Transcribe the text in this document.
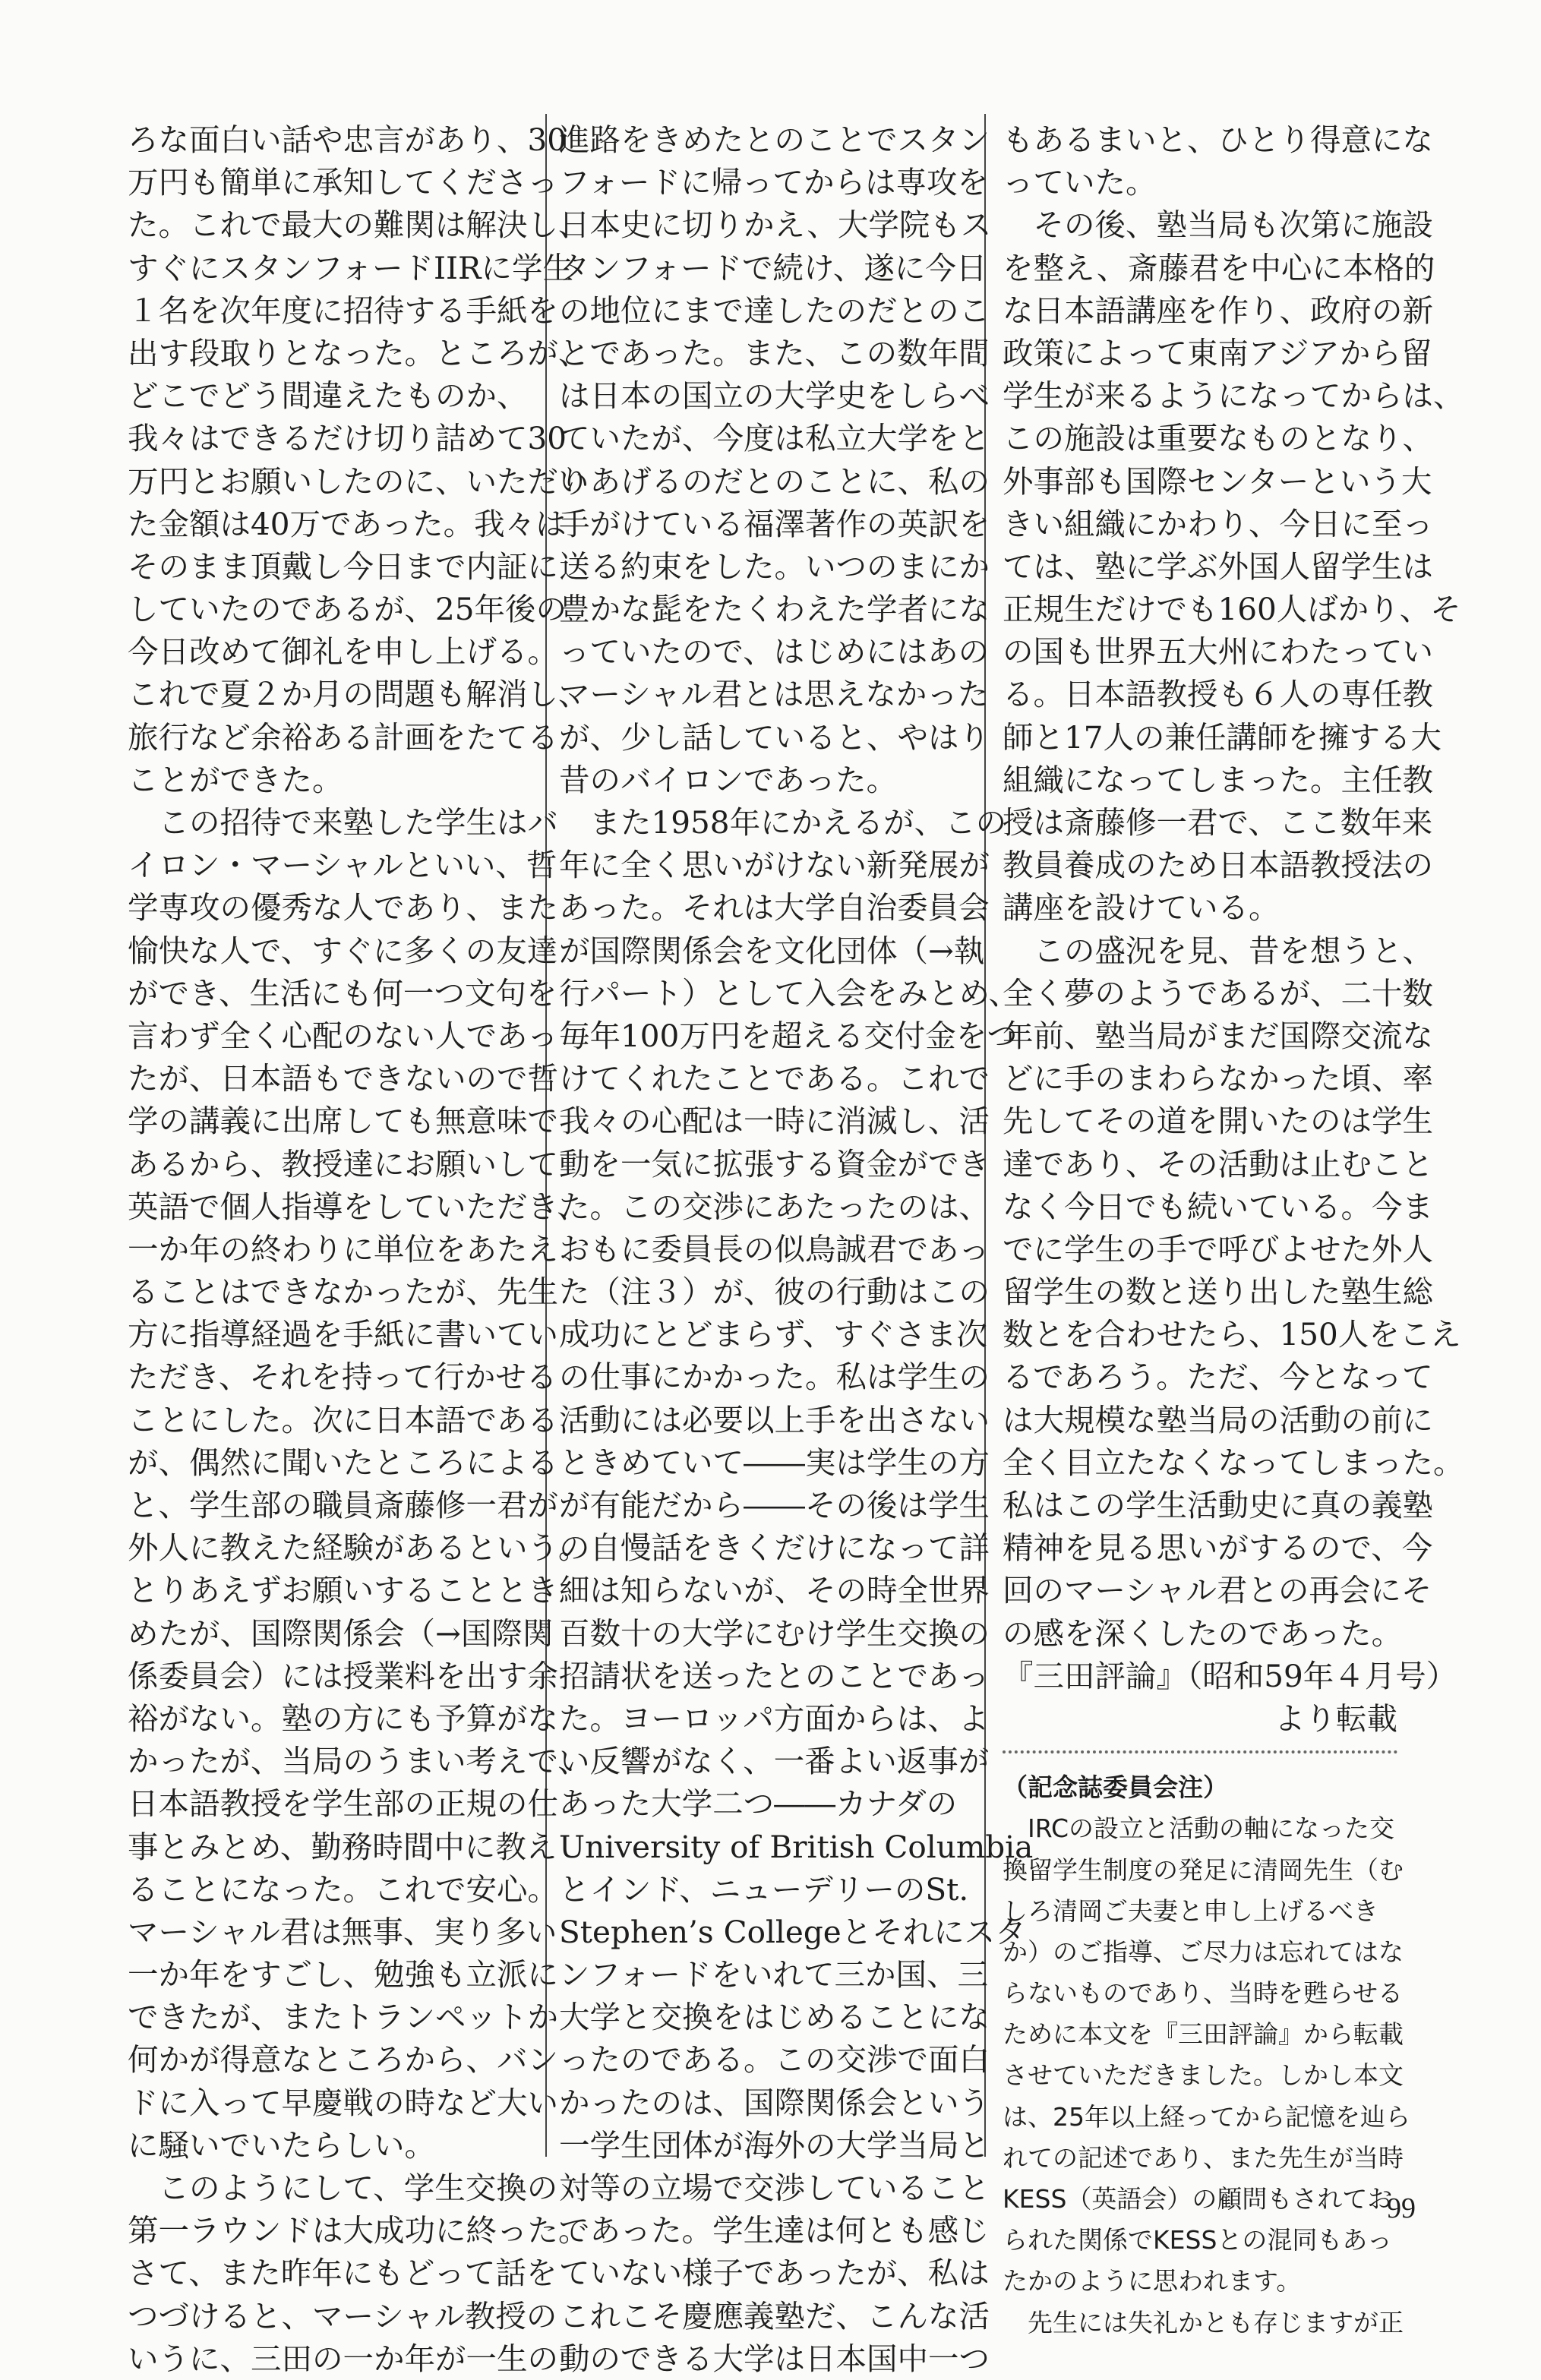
ろな面白い話や忠言があり、30
万円も簡単に承知してくださっ
た。これで最大の難関は解決し、
すぐにスタンフォードIIRに学生
１名を次年度に招待する手紙を
出す段取りとなった。ところが、
どこでどう間違えたものか、
我々はできるだけ切り詰めて30
万円とお願いしたのに、いただい
た金額は40万であった。我々は
そのまま頂戴し今日まで内証に
していたのであるが、25年後の
今日改めて御礼を申し上げる。
これで夏２か月の問題も解消し、
旅行など余裕ある計画をたてる
ことができた。
　この招待で来塾した学生はバ
イロン・マーシャルといい、哲
学専攻の優秀な人であり、また
愉快な人で、すぐに多くの友達
ができ、生活にも何一つ文句を
言わず全く心配のない人であっ
たが、日本語もできないので哲
学の講義に出席しても無意味で
あるから、教授達にお願いして
英語で個人指導をしていただき、
一か年の終わりに単位をあたえ
ることはできなかったが、先生
方に指導経過を手紙に書いてい
ただき、それを持って行かせる
ことにした。次に日本語である
が、偶然に聞いたところによる
と、学生部の職員斎藤修一君が
外人に教えた経験があるという。
とりあえずお願いすることとき
めたが、国際関係会（→国際関
係委員会）には授業料を出す余
裕がない。塾の方にも予算がな
かったが、当局のうまい考えで、
日本語教授を学生部の正規の仕
事とみとめ、勤務時間中に教え
ることになった。これで安心。
マーシャル君は無事、実り多い
一か年をすごし、勉強も立派に
できたが、またトランペットか
何かが得意なところから、バン
ドに入って早慶戦の時など大い
に騒いでいたらしい。
　このようにして、学生交換の
第一ラウンドは大成功に終った。
さて、また昨年にもどって話を
つづけると、マーシャル教授の
いうに、三田の一か年が一生の
進路をきめたとのことでスタン
フォードに帰ってからは専攻を
日本史に切りかえ、大学院もス
タンフォードで続け、遂に今日
の地位にまで達したのだとのこ
とであった。また、この数年間
は日本の国立の大学史をしらべ
ていたが、今度は私立大学をと
りあげるのだとのことに、私の
手がけている福澤著作の英訳を
送る約束をした。いつのまにか
豊かな髭をたくわえた学者にな
っていたので、はじめにはあの
マーシャル君とは思えなかった
が、少し話していると、やはり
昔のバイロンであった。
　また1958年にかえるが、この
年に全く思いがけない新発展が
あった。それは大学自治委員会
が国際関係会を文化団体（→執
行パート）として入会をみとめ、
毎年100万円を超える交付金をつ
けてくれたことである。これで
我々の心配は一時に消滅し、活
動を一気に拡張する資金ができ
た。この交渉にあたったのは、
おもに委員長の似鳥誠君であっ
た（注３）が、彼の行動はこの
成功にとどまらず、すぐさま次
の仕事にかかった。私は学生の
活動には必要以上手を出さない
ときめていて――実は学生の方
が有能だから――その後は学生
の自慢話をきくだけになって詳
細は知らないが、その時全世界
百数十の大学にむけ学生交換の
招請状を送ったとのことであっ
た。ヨーロッパ方面からは、よ
い反響がなく、一番よい返事が
あった大学二つ――カナダの
University of British Columbia
とインド、ニューデリーのSt.
Stephen’s Collegeとそれにスタ
ンフォードをいれて三か国、三
大学と交換をはじめることにな
ったのである。この交渉で面白
かったのは、国際関係会という
一学生団体が海外の大学当局と
対等の立場で交渉していること
であった。学生達は何とも感じ
ていない様子であったが、私は
これこそ慶應義塾だ、こんな活
動のできる大学は日本国中一つ
もあるまいと、ひとり得意にな
っていた。
　その後、塾当局も次第に施設
を整え、斎藤君を中心に本格的
な日本語講座を作り、政府の新
政策によって東南アジアから留
学生が来るようになってからは、
この施設は重要なものとなり、
外事部も国際センターという大
きい組織にかわり、今日に至っ
ては、塾に学ぶ外国人留学生は
正規生だけでも160人ばかり、そ
の国も世界五大州にわたってい
る。日本語教授も６人の専任教
師と17人の兼任講師を擁する大
組織になってしまった。主任教
授は斎藤修一君で、ここ数年来
教員養成のため日本語教授法の
講座を設けている。
　この盛況を見、昔を想うと、
全く夢のようであるが、二十数
年前、塾当局がまだ国際交流な
どに手のまわらなかった頃、率
先してその道を開いたのは学生
達であり、その活動は止むこと
なく今日でも続いている。今ま
でに学生の手で呼びよせた外人
留学生の数と送り出した塾生総
数とを合わせたら、150人をこえ
るであろう。ただ、今となって
は大規模な塾当局の活動の前に
全く目立たなくなってしまった。
私はこの学生活動史に真の義塾
精神を見る思いがするので、今
回のマーシャル君との再会にそ
の感を深くしたのであった。
『三田評論』（昭和59年４月号）
より転載
（記念誌委員会注）
　IRCの設立と活動の軸になった交
換留学生制度の発足に清岡先生（む
しろ清岡ご夫妻と申し上げるべき
か）のご指導、ご尽力は忘れてはな
らないものであり、当時を甦らせる
ために本文を『三田評論』から転載
させていただきました。しかし本文
は、25年以上経ってから記憶を辿ら
れての記述であり、また先生が当時
KESS（英語会）の顧問もされてお
られた関係でKESSとの混同もあっ
たかのように思われます。
　先生には失礼かとも存じますが正
99
